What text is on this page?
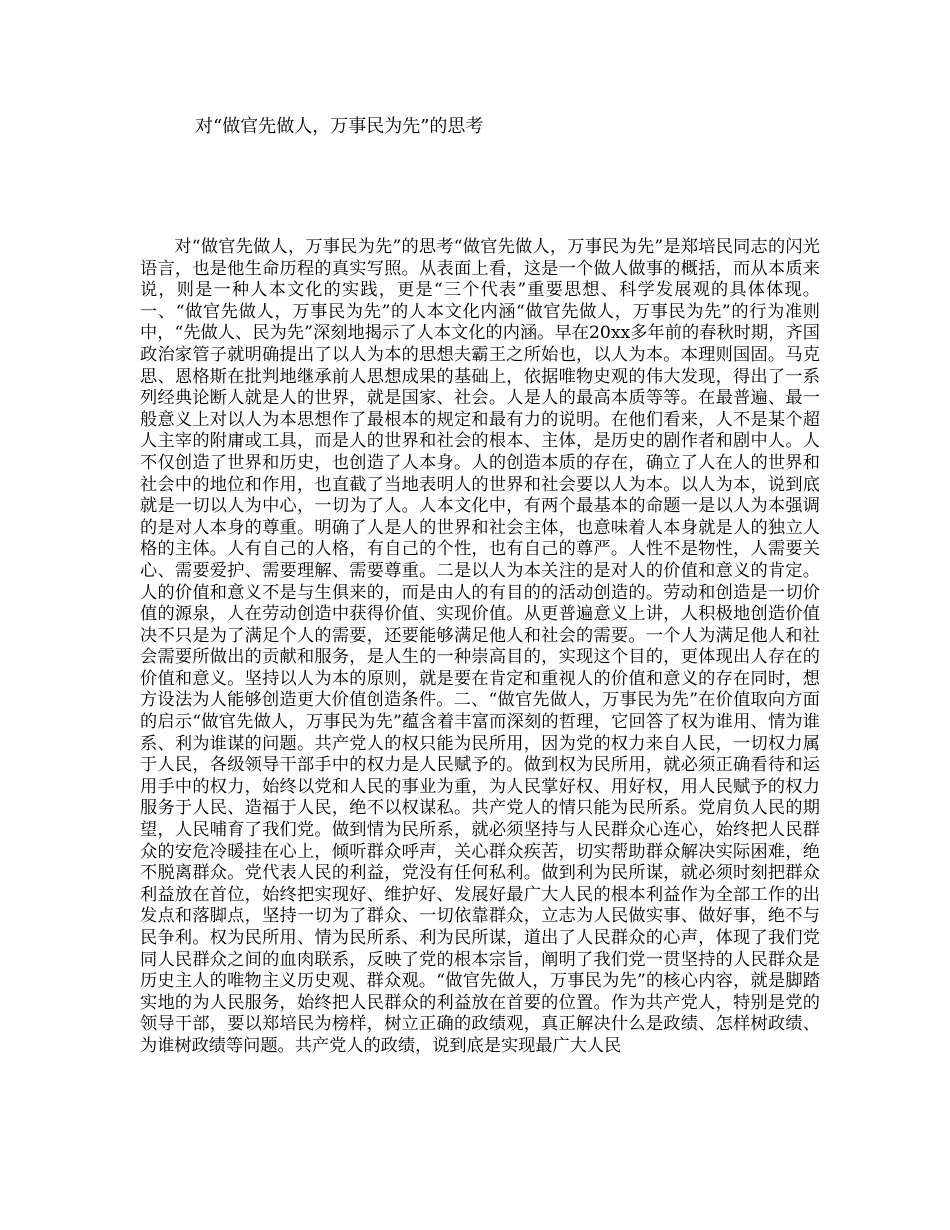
对“做官先做人，万事民为先”的思考

对“做官先做人，万事民为先”的思考“做官先做人，万事民为先”是郑培民同志的闪光语言，也是他生命历程的真实写照。从表面上看，这是一个做人做事的概括，而从本质来说，则是一种人本文化的实践，更是“三个代表”重要思想、科学发展观的具体体现。一、“做官先做人，万事民为先”的人本文化内涵“做官先做人，万事民为先”的行为准则中，“先做人、民为先”深刻地揭示了人本文化的内涵。早在20xx多年前的春秋时期，齐国政治家管子就明确提出了以人为本的思想夫霸王之所始也，以人为本。本理则国固。马克思、恩格斯在批判地继承前人思想成果的基础上，依据唯物史观的伟大发现，得出了一系列经典论断人就是人的世界，就是国家、社会。人是人的最高本质等等。在最普遍、最一般意义上对以人为本思想作了最根本的规定和最有力的说明。在他们看来，人不是某个超人主宰的附庸或工具，而是人的世界和社会的根本、主体，是历史的剧作者和剧中人。人不仅创造了世界和历史，也创造了人本身。人的创造本质的存在，确立了人在人的世界和社会中的地位和作用，也直截了当地表明人的世界和社会要以人为本。以人为本，说到底就是一切以人为中心，一切为了人。人本文化中，有两个最基本的命题一是以人为本强调的是对人本身的尊重。明确了人是人的世界和社会主体，也意味着人本身就是人的独立人格的主体。人有自己的人格，有自己的个性，也有自己的尊严。人性不是物性，人需要关心、需要爱护、需要理解、需要尊重。二是以人为本关注的是对人的价值和意义的肯定。人的价值和意义不是与生俱来的，而是由人的有目的的活动创造的。劳动和创造是一切价值的源泉，人在劳动创造中获得价值、实现价值。从更普遍意义上讲，人积极地创造价值决不只是为了满足个人的需要，还要能够满足他人和社会的需要。一个人为满足他人和社会需要所做出的贡献和服务，是人生的一种崇高目的，实现这个目的，更体现出人存在的价值和意义。坚持以人为本的原则，就是要在肯定和重视人的价值和意义的存在同时，想方设法为人能够创造更大价值创造条件。二、“做官先做人，万事民为先”在价值取向方面的启示“做官先做人，万事民为先”蕴含着丰富而深刻的哲理，它回答了权为谁用、情为谁系、利为谁谋的问题。共产党人的权只能为民所用，因为党的权力来自人民，一切权力属于人民，各级领导干部手中的权力是人民赋予的。做到权为民所用，就必须正确看待和运用手中的权力，始终以党和人民的事业为重，为人民掌好权、用好权，用人民赋予的权力服务于人民、造福于人民，绝不以权谋私。共产党人的情只能为民所系。党肩负人民的期望，人民哺育了我们党。做到情为民所系，就必须坚持与人民群众心连心，始终把人民群众的安危冷暖挂在心上，倾听群众呼声，关心群众疾苦，切实帮助群众解决实际困难，绝不脱离群众。党代表人民的利益，党没有任何私利。做到利为民所谋，就必须时刻把群众利益放在首位，始终把实现好、维护好、发展好最广大人民的根本利益作为全部工作的出发点和落脚点，坚持一切为了群众、一切依靠群众，立志为人民做实事、做好事，绝不与民争利。权为民所用、情为民所系、利为民所谋，道出了人民群众的心声，体现了我们党同人民群众之间的血肉联系，反映了党的根本宗旨，阐明了我们党一贯坚持的人民群众是历史主人的唯物主义历史观、群众观。“做官先做人，万事民为先”的核心内容，就是脚踏实地的为人民服务，始终把人民群众的利益放在首要的位置。作为共产党人，特别是党的领导干部，要以郑培民为榜样，树立正确的政绩观，真正解决什么是政绩、怎样树政绩、为谁树政绩等问题。共产党人的政绩，说到底是实现最广大人民
